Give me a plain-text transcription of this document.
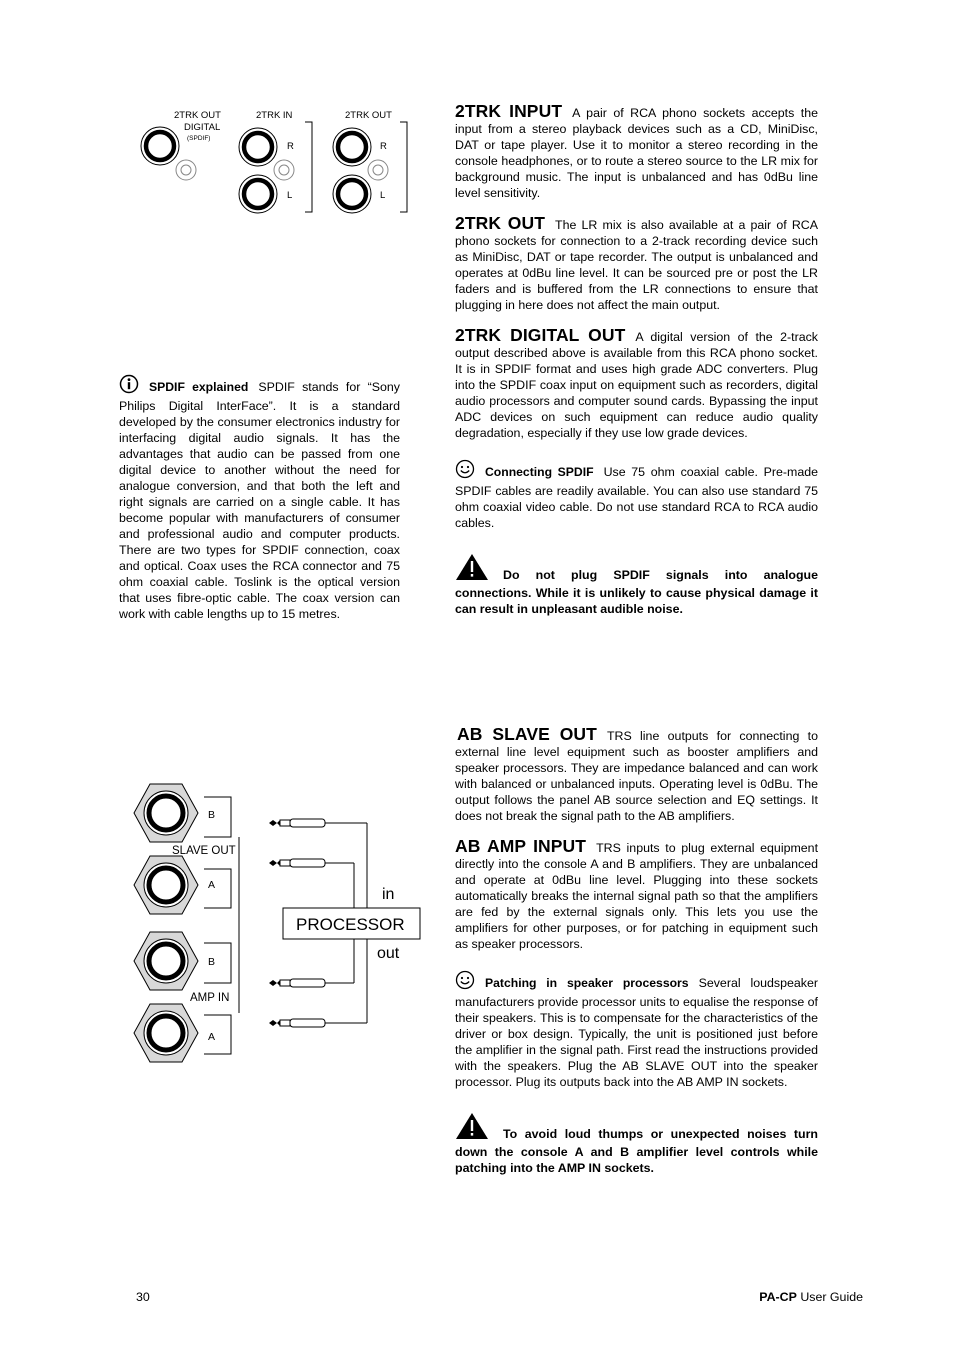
2TRK OUT
DIGITAL
(SPDIF)
2TRK IN	2TRK OUT
R
L
R
L

SPDIF explained SPDIF stands for “Sony Philips Digital InterFace”. It is a standard developed by the consumer electronics industry for interfacing digital audio signals. It has the advantages that audio can be passed from one digital device to another without the need for analogue conversion, and that both the left and right signals are carried on a single cable. It has become popular with manufacturers of consumer and professional audio and computer products. There are two types for SPDIF connection, coax and optical. Coax uses the RCA connector and 75 ohm coaxial cable. Toslink is the optical version that uses fibre-optic cable. The coax version can work with cable lengths up to 15 metres.

2TRK INPUT A pair of RCA phono sockets accepts the input from a stereo playback devices such as a CD, MiniDisc, DAT or tape player. Use it to monitor a stereo recording in the console headphones, or to route a stereo source to the LR mix for background music. The input is unbalanced and has 0dBu line level sensitivity.

2TRK OUT The LR mix is also available at a pair of RCA phono sockets for connection to a 2-track recording device such as MiniDisc, DAT or tape recorder. The output is unbalanced and operates at 0dBu line level. It can be sourced pre or post the LR faders and is buffered from the LR connections to ensure that plugging in here does not affect the main output.

2TRK DIGITAL OUT A digital version of the 2-track output described above is available from this RCA phono socket. It is in SPDIF format and uses high grade ADC converters. Plug into the SPDIF coax input on equipment such as recorders, digital audio processors and computer sound cards. Bypassing the input ADC devices on such equipment can reduce audio quality degradation, especially if they use low grade devices.

Connecting SPDIF Use 75 ohm coaxial cable. Pre-made SPDIF cables are readily available. You can also use standard 75 ohm coaxial video cable. Do not use standard RCA to RCA audio cables.

Do not plug SPDIF signals into analogue connections. While it is unlikely to cause physical damage it can result in unpleasant audible noise.

B
SLAVE OUT
A
B
AMP IN
A
PROCESSOR
in
out

AB SLAVE OUT TRS line outputs for connecting to external line level equipment such as booster amplifiers and speaker processors. They are impedance balanced and can work with balanced or unbalanced inputs. Operating level is 0dBu. The output follows the panel AB source selection and EQ settings. It does not break the signal path to the AB amplifiers.

AB AMP INPUT TRS inputs to plug external equipment directly into the console A and B amplifiers. They are unbalanced and operate at 0dBu line level. Plugging into these sockets automatically breaks the internal signal path so that the amplifiers are fed by the external signals only. This lets you use the amplifiers for other purposes, or for patching in equipment such as speaker processors.

Patching in speaker processors Several loudspeaker manufacturers provide processor units to equalise the response of their speakers. This is to compensate for the characteristics of the driver or box design. Typically, the unit is positioned just before the amplifier in the signal path. First read the instructions provided with the speakers. Plug the AB SLAVE OUT into the speaker processor. Plug its outputs back into the AB AMP IN sockets.

To avoid loud thumps or unexpected noises turn down the console A and B amplifier level controls while patching into the AMP IN sockets.

30	PA-CP User Guide
